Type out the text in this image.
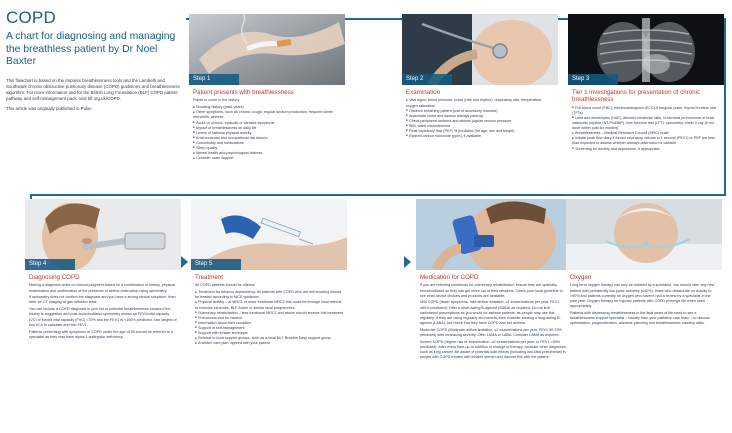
COPD
A chart for diagnosing and managing the breathless patient by Dr Noel Baxter

This flowchart is based on the Impress breathlessness tools and the Lambeth and Southwark chronic obstructive pulmonary disease (COPD) guidelines and breathlessness algorithm. For more information and for the British Lung Foundation (BLF) COPD patient pathway and self-management pack, visit blf.org.uk/COPD.

This article was originally published in Pulse

Step 1
Patient presents with breathlessness
Points to cover in the history
■ Smoking history (pack years)
■ Other symptoms, such as chronic cough, regular sputum production, frequent winter bronchitis, wheeze
■ Acute or chronic, episodic or variable symptoms
■ Impact of breathlessness on daily life
■ Levels of habitual physical activity
■ Environmental and occupational risk factors
■ Comorbidity and medications
■ Sleep quality
■ Mental health and psychological distress
■ Consider carer support
Step 2
Examination
■ Vital signs: blood pressure, pulse (rate and rhythm), respiratory rate, temperature, oxygen saturation
■ Observe breathing pattern (use of accessory muscles)
■ Auscultate chest and assess airways patency
■ Check peripheral oedema and assess jugular venous pressure
■ BMI, waist circumference
■ Peak expiratory flow (PEF) % predicted (for age, sex and height)
■ Expired carbon monoxide (ppm), if available
Step 3
Tier 1 investigations for presentation of chronic breathlessness
■ Full blood count (FBC), electrocardiogram (ECG) if irregular pulse, thyroid function test (TFTs)
■ Urea and electrolytes (U&E), albumin creatinine ratio, N-terminal prohormone of brain natriuretic peptide (NT-ProBNP), liver function test (LFT), spirometry, chest X-ray (if not done within past six months)
■ Breathlessness – Medical Research Council (MRC) scale
■ Initiate peak flow diary if forced expiratory volume in 1 second (FEV1) or PEF are less than expected to assess whether airways obstruction is variable
■ Screening for anxiety and depression, if appropriate
Step 4
Diagnosing COPD
Making a diagnosis relies on clinical judgment based on a combination of history, physical examination and confirmation of the presence of airflow obstruction using spirometry.
If spirometry does not confirm the diagnosis and you have a strong clinical suspicion, then refer for CT imaging or gas diffusion tests.
You can include a COPD diagnosis in your list of potential breathlessness causes if the history is suggestive and post-bronchodilator spirometry shows an FEV1/vital capacity (VC) or forced vital capacity (FVC) <70% and the FEV1 is <100% predicted. Use largest of two VCs to calculate and test FEV1.
Patients presenting with symptoms of COPD under the age of 35 should be referred to a specialist as they may have alpha-1 antitrypsin deficiency.
Step 5
Treatment
All COPD patients should be offered:
■ Treatment for tobacco dependency. All patients with COPD who are still smoking should be treated according to NICE guidance
■ Physical activity – at MRC1 or more functional MRC2 this could be through local referral to exercise schemes, BLF Active or similar local programmes
■ Pulmonary rehabilitation – less functional MRC2 and above should receive this treatment
■ Pneumonia and flu vaccine
■ Information about their condition
■ Support in self-management
■ Support with inhaler technique
■ Referral to local support groups, such as a local BLF Breathe Easy support group
■ A written care plan, agreed with your patient
Medication for COPD
If you are referring somebody for pulmonary rehabilitation, ensure they are optimally bronchodilated so they can get more out of their sessions. Check your local guideline to see what device choices and products are available.
Mild COPD (fewer symptoms, mild airflow limitation, ≤1 exacerbations per year, FEV1 ≥80% predicted): Offer a short-acting B-agonist (SABA) as required. Do not limit salbutamol prescriptions as you would for asthma patients, as people may use this regularly. If they are using regularly and benefit, then consider starting a long-acting B-agonist (LABA), but check that they have COPD and not asthma.
Moderate COPD (Moderate airflow limitation, ≤1 exacerbations per year, FEV1 50-79% predicted) with increasing severity: Offer LAMA or LABA. Consider LAMA as required.
Severe COPD (Higher risk of exacerbation, ≥2 exacerbations per year, or FEV1 <50% predicted): After every flare-up or addition or change of therapy, consider other diagnoses, such as lung cancer. Be aware of potential side-effects (including non-fatal pneumonia) in people with COPD treated with inhaled steroid and discuss this with the patient.
Oxygen
Long-term oxygen therapy can only be initiated by a specialist. You should refer any new patient with persistently low pulse oximetry (≤92%), those who desaturate on activity to <90% and patients currently on oxygen who haven't had a review by a specialist in the past year. Oxygen therapy for hypoxic patients with COPD prolongs life when used appropriately.
Patients with distressing breathlessness in the final years of life need to see a breathlessness support specialist – usually from your palliative care team – to discuss optimisation, prognostication, advance planning and breathlessness mastery skills.
